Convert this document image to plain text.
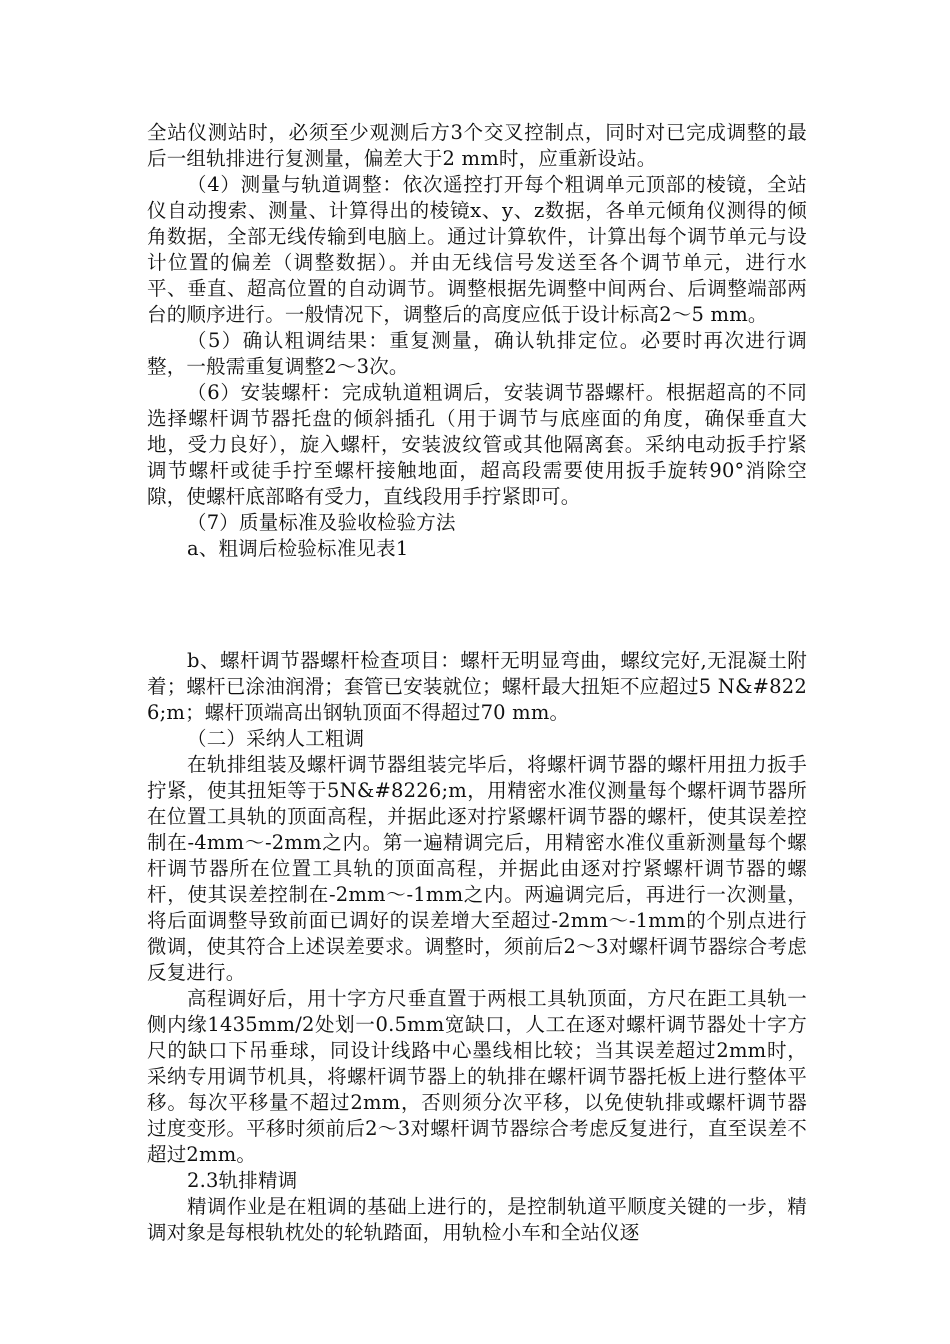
全站仪测站时，必须至少观测后方3个交叉控制点，同时对已完成调整的最后一组轨排进行复测量，偏差大于2 mm时，应重新设站。

（4）测量与轨道调整：依次遥控打开每个粗调单元顶部的棱镜，全站仪自动搜索、测量、计算得出的棱镜x、y、z数据，各单元倾角仪测得的倾角数据，全部无线传输到电脑上。通过计算软件，计算出每个调节单元与设计位置的偏差（调整数据）。并由无线信号发送至各个调节单元，进行水平、垂直、超高位置的自动调节。调整根据先调整中间两台、后调整端部两台的顺序进行。一般情况下，调整后的高度应低于设计标高2～5 mm。

（5）确认粗调结果：重复测量，确认轨排定位。必要时再次进行调整，一般需重复调整2～3次。

（6）安装螺杆：完成轨道粗调后，安装调节器螺杆。根据超高的不同选择螺杆调节器托盘的倾斜插孔（用于调节与底座面的角度，确保垂直大地，受力良好），旋入螺杆，安装波纹管或其他隔离套。采纳电动扳手拧紧调节螺杆或徒手拧至螺杆接触地面，超高段需要使用扳手旋转90°消除空隙，使螺杆底部略有受力，直线段用手拧紧即可。

（7）质量标准及验收检验方法

a、粗调后检验标准见表1

b、螺杆调节器螺杆检查项目：螺杆无明显弯曲，螺纹完好,无混凝土附着；螺杆已涂油润滑；套管已安装就位；螺杆最大扭矩不应超过5 N&#8226;m；螺杆顶端高出钢轨顶面不得超过70 mm。

（二）采纳人工粗调

在轨排组装及螺杆调节器组装完毕后，将螺杆调节器的螺杆用扭力扳手拧紧，使其扭矩等于5N&#8226;m，用精密水准仪测量每个螺杆调节器所在位置工具轨的顶面高程，并据此逐对拧紧螺杆调节器的螺杆，使其误差控制在-4mm～-2mm之内。第一遍精调完后，用精密水准仪重新测量每个螺杆调节器所在位置工具轨的顶面高程，并据此由逐对拧紧螺杆调节器的螺杆，使其误差控制在-2mm～-1mm之内。两遍调完后，再进行一次测量，将后面调整导致前面已调好的误差增大至超过-2mm～-1mm的个别点进行微调，使其符合上述误差要求。调整时，须前后2～3对螺杆调节器综合考虑反复进行。

高程调好后，用十字方尺垂直置于两根工具轨顶面，方尺在距工具轨一侧内缘1435mm/2处划一0.5mm宽缺口，人工在逐对螺杆调节器处十字方尺的缺口下吊垂球，同设计线路中心墨线相比较；当其误差超过2mm时，采纳专用调节机具，将螺杆调节器上的轨排在螺杆调节器托板上进行整体平移。每次平移量不超过2mm，否则须分次平移，以免使轨排或螺杆调节器过度变形。平移时须前后2～3对螺杆调节器综合考虑反复进行，直至误差不超过2mm。

2.3轨排精调

精调作业是在粗调的基础上进行的，是控制轨道平顺度关键的一步，精调对象是每根轨枕处的轮轨踏面，用轨检小车和全站仪逐
